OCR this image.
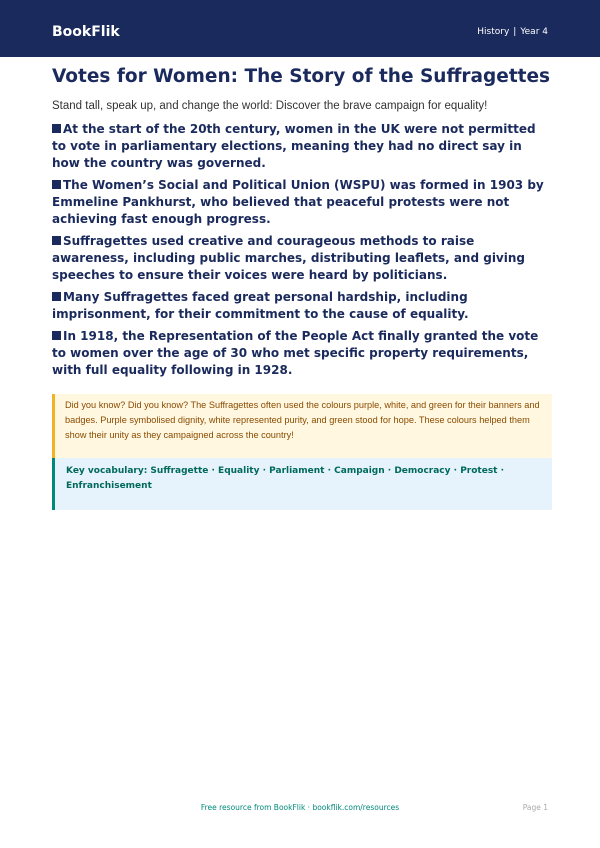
BookFlik	History | Year 4
Votes for Women: The Story of the Suffragettes
Stand tall, speak up, and change the world: Discover the brave campaign for equality!
At the start of the 20th century, women in the UK were not permitted to vote in parliamentary elections, meaning they had no direct say in how the country was governed.
The Women’s Social and Political Union (WSPU) was formed in 1903 by Emmeline Pankhurst, who believed that peaceful protests were not achieving fast enough progress.
Suffragettes used creative and courageous methods to raise awareness, including public marches, distributing leaflets, and giving speeches to ensure their voices were heard by politicians.
Many Suffragettes faced great personal hardship, including imprisonment, for their commitment to the cause of equality.
In 1918, the Representation of the People Act finally granted the vote to women over the age of 30 who met specific property requirements, with full equality following in 1928.
Did you know? Did you know? The Suffragettes often used the colours purple, white, and green for their banners and badges. Purple symbolised dignity, white represented purity, and green stood for hope. These colours helped them show their unity as they campaigned across the country!
Key vocabulary: Suffragette · Equality · Parliament · Campaign · Democracy · Protest · Enfranchisement
Free resource from BookFlik · bookflik.com/resources	Page 1
